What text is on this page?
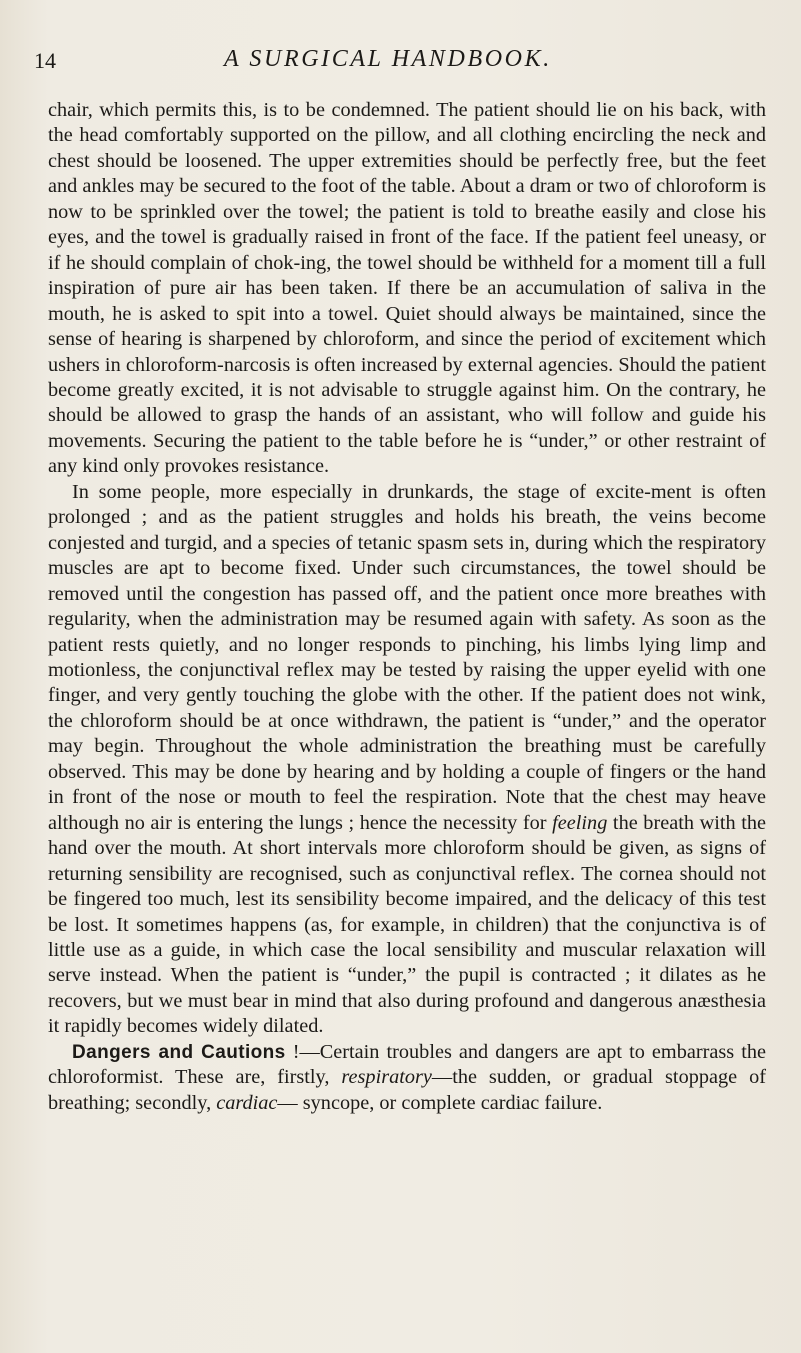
14	A SURGICAL HANDBOOK.

chair, which permits this, is to be condemned. The patient should lie on his back, with the head comfortably supported on the pillow, and all clothing encircling the neck and chest should be loosened. The upper extremities should be perfectly free, but the feet and ankles may be secured to the foot of the table. About a dram or two of chloroform is now to be sprinkled over the towel; the patient is told to breathe easily and close his eyes, and the towel is gradually raised in front of the face. If the patient feel uneasy, or if he should complain of chok-ing, the towel should be withheld for a moment till a full inspiration of pure air has been taken. If there be an accumulation of saliva in the mouth, he is asked to spit into a towel. Quiet should always be maintained, since the sense of hearing is sharpened by chloroform, and since the period of excitement which ushers in chloroform-narcosis is often increased by external agencies. Should the patient become greatly excited, it is not advisable to struggle against him. On the contrary, he should be allowed to grasp the hands of an assistant, who will follow and guide his movements. Securing the patient to the table before he is “under,” or other restraint of any kind only provokes resistance.

In some people, more especially in drunkards, the stage of excite-ment is often prolonged ; and as the patient struggles and holds his breath, the veins become conjested and turgid, and a species of tetanic spasm sets in, during which the respiratory muscles are apt to become fixed. Under such circumstances, the towel should be removed until the congestion has passed off, and the patient once more breathes with regularity, when the administration may be resumed again with safety. As soon as the patient rests quietly, and no longer responds to pinching, his limbs lying limp and motionless, the conjunctival reflex may be tested by raising the upper eyelid with one finger, and very gently touching the globe with the other. If the patient does not wink, the chloroform should be at once withdrawn, the patient is “under,” and the operator may begin. Throughout the whole administration the breathing must be carefully observed. This may be done by hearing and by holding a couple of fingers or the hand in front of the nose or mouth to feel the respiration. Note that the chest may heave although no air is entering the lungs ; hence the necessity for feeling the breath with the hand over the mouth. At short intervals more chloroform should be given, as signs of returning sensibility are recognised, such as conjunctival reflex. The cornea should not be fingered too much, lest its sensibility become impaired, and the delicacy of this test be lost. It sometimes happens (as, for example, in children) that the conjunctiva is of little use as a guide, in which case the local sensibility and muscular relaxation will serve instead. When the patient is “under,” the pupil is contracted ; it dilates as he recovers, but we must bear in mind that also during profound and dangerous anæsthesia it rapidly becomes widely dilated.

Dangers and Cautions !—Certain troubles and dangers are apt to embarrass the chloroformist. These are, firstly, respiratory—the sudden, or gradual stoppage of breathing; secondly, cardiac— syncope, or complete cardiac failure.
